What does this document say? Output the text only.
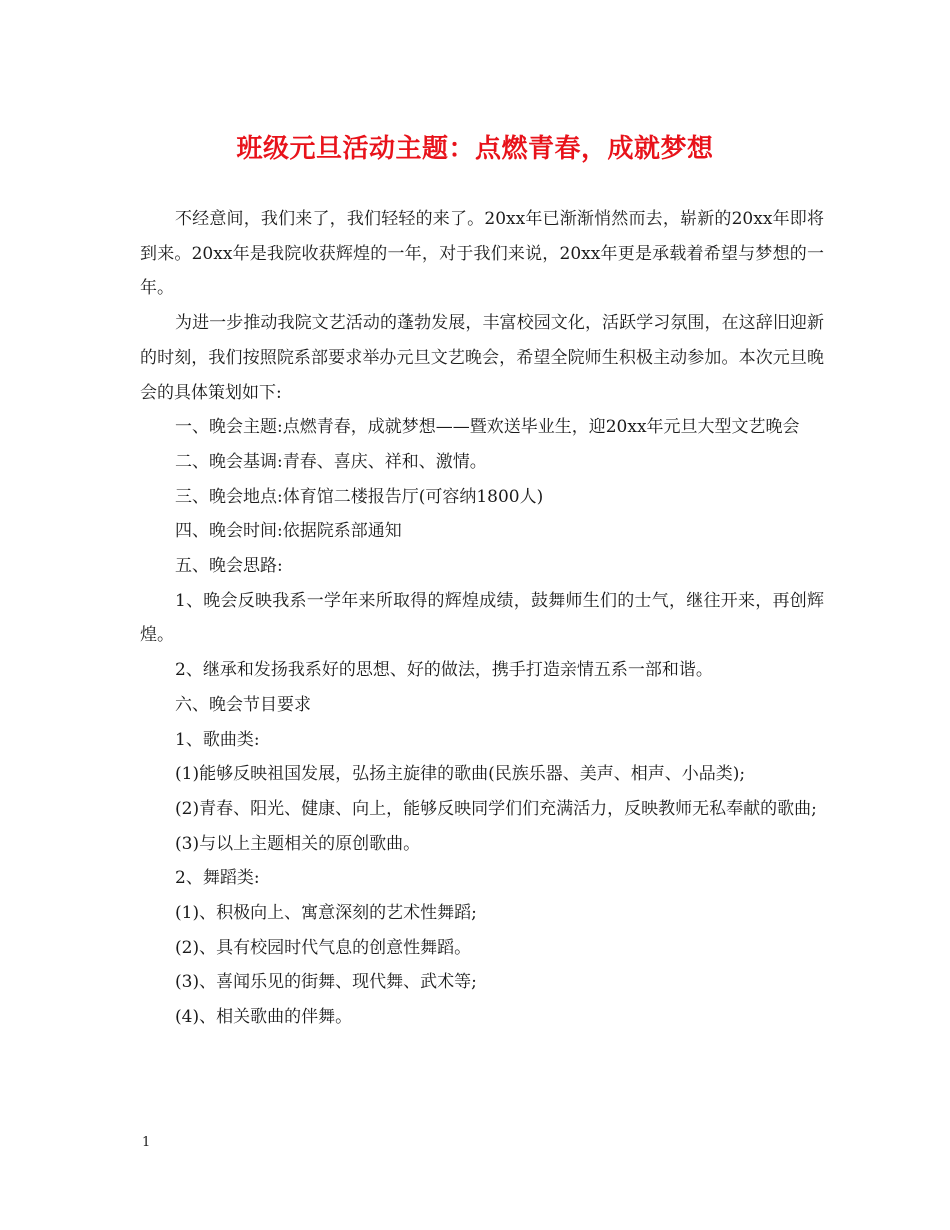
班级元旦活动主题：点燃青春，成就梦想

不经意间，我们来了，我们轻轻的来了。20xx年已渐渐悄然而去，崭新的20xx年即将到来。20xx年是我院收获辉煌的一年，对于我们来说，20xx年更是承载着希望与梦想的一年。

为进一步推动我院文艺活动的蓬勃发展，丰富校园文化，活跃学习氛围，在这辞旧迎新的时刻，我们按照院系部要求举办元旦文艺晚会，希望全院师生积极主动参加。本次元旦晚会的具体策划如下:

一、晚会主题:点燃青春，成就梦想——暨欢送毕业生，迎20xx年元旦大型文艺晚会

二、晚会基调:青春、喜庆、祥和、激情。

三、晚会地点:体育馆二楼报告厅(可容纳1800人)

四、晚会时间:依据院系部通知

五、晚会思路:

1、晚会反映我系一学年来所取得的辉煌成绩，鼓舞师生们的士气，继往开来，再创辉煌。

2、继承和发扬我系好的思想、好的做法，携手打造亲情五系一部和谐。

六、晚会节目要求

1、歌曲类:

(1)能够反映祖国发展，弘扬主旋律的歌曲(民族乐器、美声、相声、小品类);

(2)青春、阳光、健康、向上，能够反映同学们们充满活力，反映教师无私奉献的歌曲;

(3)与以上主题相关的原创歌曲。

2、舞蹈类:

(1)、积极向上、寓意深刻的艺术性舞蹈;

(2)、具有校园时代气息的创意性舞蹈。

(3)、喜闻乐见的街舞、现代舞、武术等;

(4)、相关歌曲的伴舞。

1
